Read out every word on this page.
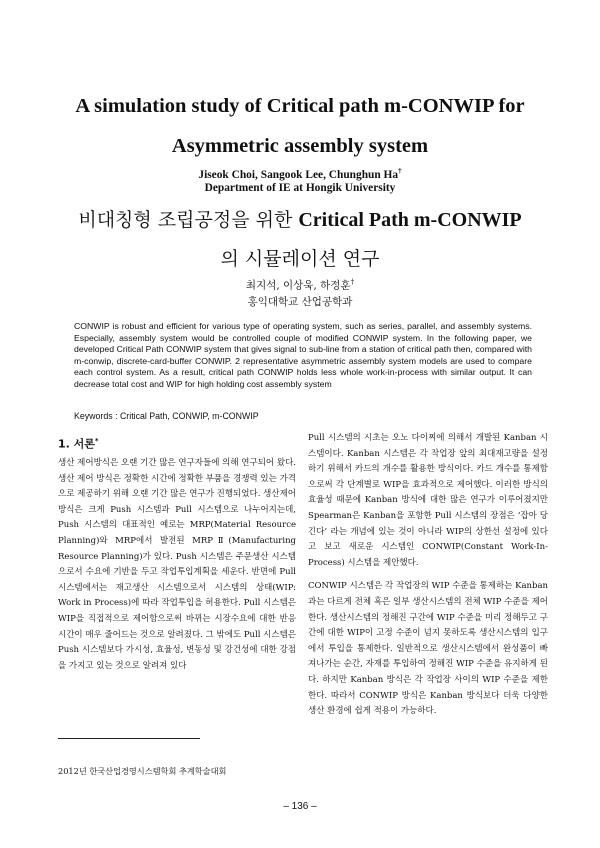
A simulation study of Critical path m-CONWIP for Asymmetric assembly system
Jiseok Choi, Sangook Lee, Chunghun Ha†
Department of IE at Hongik University
비대칭형 조립공정을 위한 Critical Path m-CONWIP
의 시뮬레이션 연구
최지석, 이상욱, 하정훈†
홍익대학교 산업공학과

CONWIP is robust and efficient for various type of operating system, such as series, parallel, and assembly systems. Especially, assembly system would be controlled couple of modified CONWIP system. In the following paper, we developed Critical Path CONWIP system that gives signal to sub-line from a station of critical path then, compared with m-conwip, discrete-card-buffer CONWIP. 2 representative asymmetric assembly system models are used to compare each control system. As a result, critical path CONWIP holds less whole work-in-process with similar output. It can decrease total cost and WIP for high holding cost assembly system

Keywords : Critical Path, CONWIP, m-CONWIP
1. 서론*

생산 제어방식은 오랜 기간 많은 연구자들에 의해 연구되어 왔다. 생산 제어 방식은 정확한 시간에 정확한 부품을 경쟁력 있는 가격으로 제공하기 위해 오랜 기간 많은 연구가 진행되었다. 생산제어 방식은 크게 Push 시스템과 Pull 시스템으로 나누어지는데, Push 시스템의 대표적인 예로는 MRP(Material Resource Planning)와 MRP에서 발전된 MRPⅡ(Manufacturing Resource Planning)가 있다. Push 시스템은 주문생산 시스템으로서 수요에 기반을 두고 작업투입계획을 세운다. 반면에 Pull 시스템에서는 재고생산 시스템으로서 시스템의 상태(WIP: Work in Process)에 따라 작업투입을 허용한다. Pull 시스템은 WIP을 직접적으로 제어함으로써 바뀌는 시장수요에 대한 반응시간이 매우 줄어드는 것으로 알려졌다. 그 밖에도 Pull 시스템은 Push 시스템보다 가시성, 효율성, 변동성 및 강건성에 대한 강점을 가지고 있는 것으로 알려져 있다

Pull 시스템의 시초는 오노 다이찌에 의해서 개발된 Kanban 시스템이다. Kanban 시스템은 각 작업장 앞의 최대재고량을 설정하기 위해서 카드의 개수를 활용한 방식이다. 카드 개수를 통제함으로써 각 단계별로 WIP을 효과적으로 제어했다. 이러한 방식의 효율성 때문에 Kanban 방식에 대한 많은 연구가 이루어졌지만 Spearman은 Kanban을 포함한 Pull 시스템의 장점은 ‘잡아 당긴다’ 라는 개념에 있는 것이 아니라 WIP의 상한선 설정에 있다고 보고 새로운 시스템인 CONWIP(Constant Work-In-Process) 시스템을 제안했다.

CONWIP 시스템은 각 작업장의 WIP 수준을 통제하는 Kanban과는 다르게 전체 혹은 일부 생산시스템의 전체 WIP 수준을 제어한다. 생산시스템의 정해진 구간에 WIP 수준을 미리 정해두고 구간에 대한 WIP이 고정 수준이 넘지 못하도록 생산시스템의 입구에서 투입을 통제한다. 일반적으로 생산시스템에서 완성품이 빠져나가는 순간, 자재를 투입하여 정해진 WIP 수준을 유지하게 된다. 하지만 Kanban 방식은 각 작업장 사이의 WIP 수준을 제한한다. 따라서 CONWIP 방식은 Kanban 방식보다 더욱 다양한 생산 환경에 쉽게 적용이 가능하다.

2012년 한국산업경영시스템학회 추계학술대회
– 136 –
